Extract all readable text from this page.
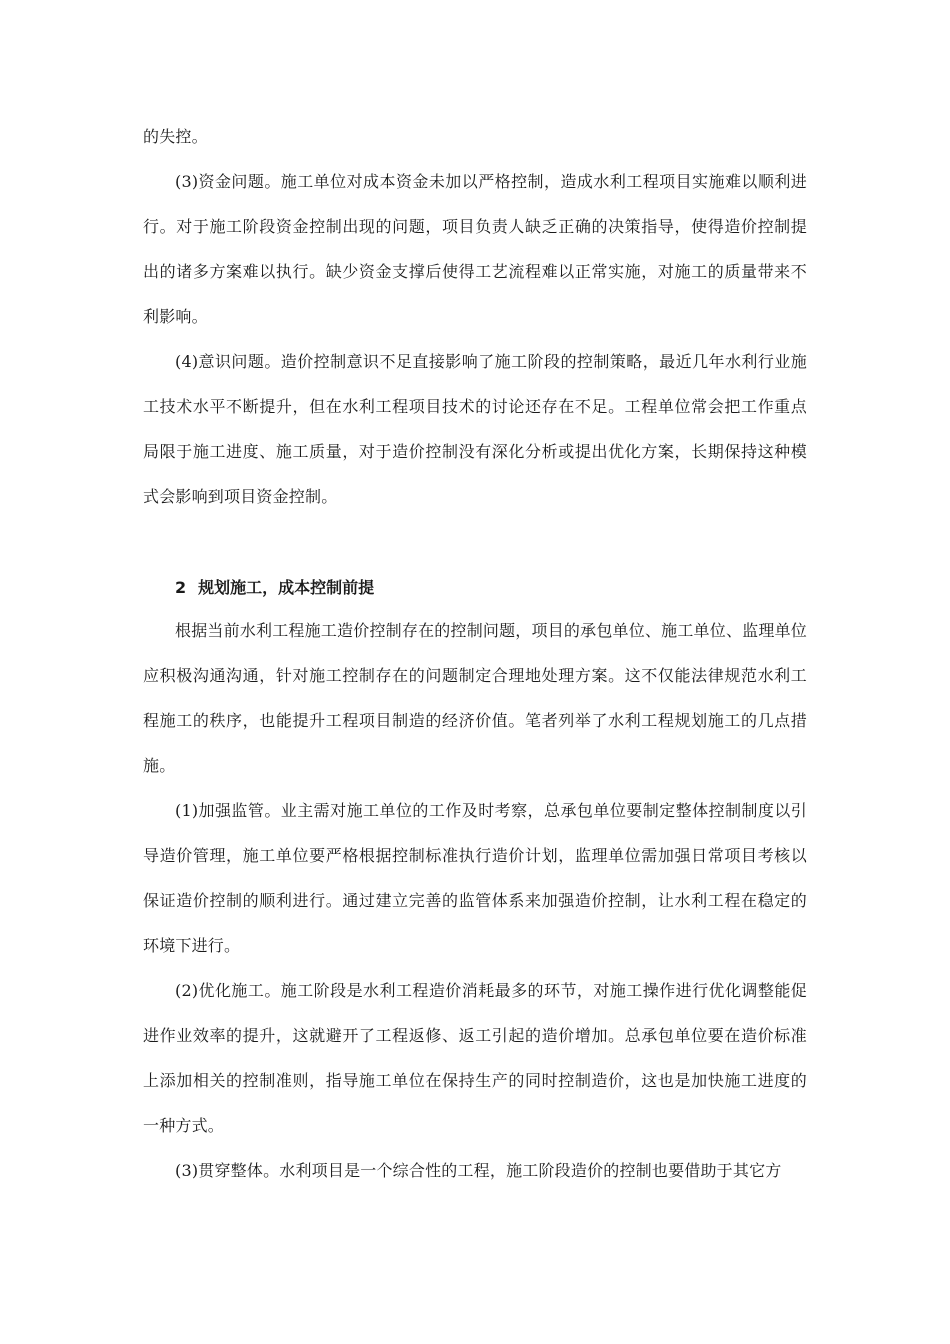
的失控。

(3)资金问题。施工单位对成本资金未加以严格控制，造成水利工程项目实施难以顺利进行。对于施工阶段资金控制出现的问题，项目负责人缺乏正确的决策指导，使得造价控制提出的诸多方案难以执行。缺少资金支撑后使得工艺流程难以正常实施，对施工的质量带来不利影响。

(4)意识问题。造价控制意识不足直接影响了施工阶段的控制策略，最近几年水利行业施工技术水平不断提升，但在水利工程项目技术的讨论还存在不足。工程单位常会把工作重点局限于施工进度、施工质量，对于造价控制没有深化分析或提出优化方案，长期保持这种模式会影响到项目资金控制。

2 规划施工，成本控制前提

根据当前水利工程施工造价控制存在的控制问题，项目的承包单位、施工单位、监理单位应积极沟通沟通，针对施工控制存在的问题制定合理地处理方案。这不仅能法律规范水利工程施工的秩序，也能提升工程项目制造的经济价值。笔者列举了水利工程规划施工的几点措施。

(1)加强监管。业主需对施工单位的工作及时考察，总承包单位要制定整体控制制度以引导造价管理，施工单位要严格根据控制标准执行造价计划，监理单位需加强日常项目考核以保证造价控制的顺利进行。通过建立完善的监管体系来加强造价控制，让水利工程在稳定的环境下进行。

(2)优化施工。施工阶段是水利工程造价消耗最多的环节，对施工操作进行优化调整能促进作业效率的提升，这就避开了工程返修、返工引起的造价增加。总承包单位要在造价标准上添加相关的控制准则，指导施工单位在保持生产的同时控制造价，这也是加快施工进度的一种方式。

(3)贯穿整体。水利项目是一个综合性的工程，施工阶段造价的控制也要借助于其它方
